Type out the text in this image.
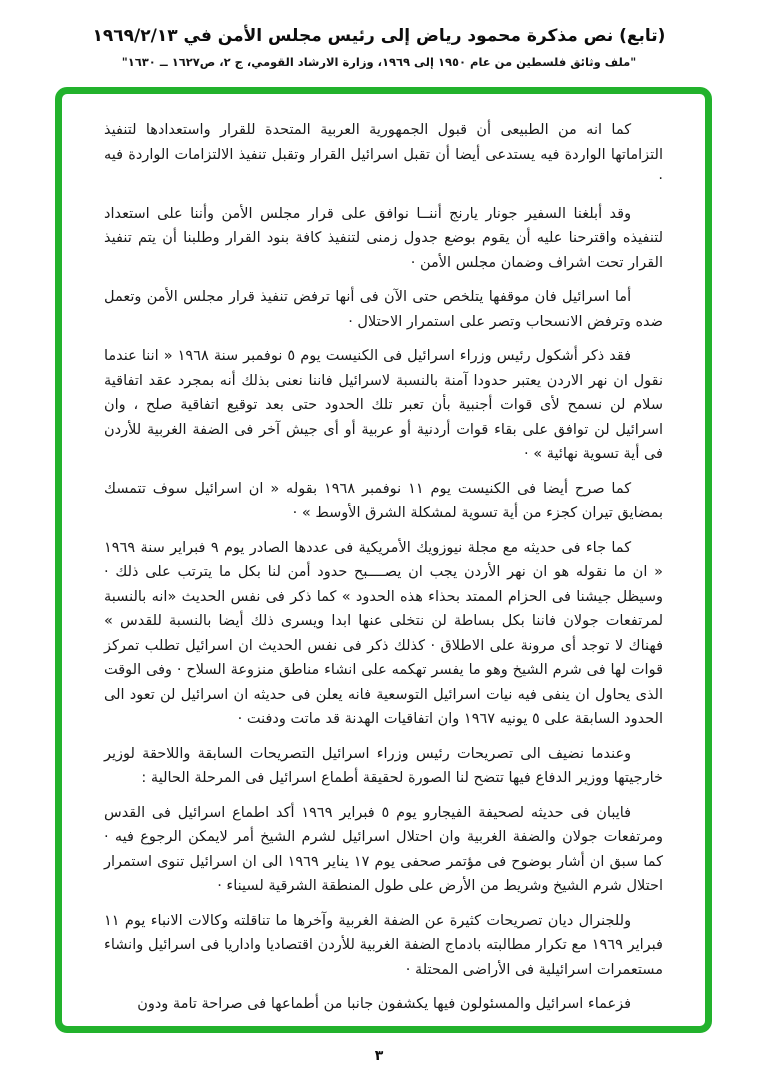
(تابع) نص مذكرة محمود رياض إلى رئيس مجلس الأمن في ١٩٦٩/٢/١٣
"ملف وثائق فلسطين من عام ١٩٥٠ إلى ١٩٦٩، وزارة الارشاد القومي، ج ٢، ص١٦٢٧ ــ ١٦٣٠"

كما انه من الطبيعى أن قبول الجمهورية العربية المتحدة للقرار واستعدادها لتنفيذ التزاماتها الواردة فيه يستدعى أيضا أن تقبل اسرائيل القرار وتقبل تنفيذ الالتزامات الواردة فيه ·

وقد أبلغنا السفير جونار يارنج أننــا نوافق على قرار مجلس الأمن وأننا على استعداد لتنفيذه واقترحنا عليه أن يقوم بوضع جدول زمنى لتنفيذ كافة بنود القرار وطلبنا أن يتم تنفيذ القرار تحت اشراف وضمان مجلس الأمن ·

أما اسرائيل فان موقفها يتلخص حتى الآن فى أنها ترفض تنفيذ قرار مجلس الأمن وتعمل ضده وترفض الانسحاب وتصر على استمرار الاحتلال ·

فقد ذكر أشكول رئيس وزراء اسرائيل فى الكنيست يوم ٥ نوفمبر سنة ١٩٦٨ « اننا عندما نقول ان نهر الاردن يعتبر حدودا آمنة بالنسبة لاسرائيل فاننا نعنى بذلك أنه بمجرد عقد اتفاقية سلام لن نسمح لأى قوات أجنبية بأن تعبر تلك الحدود حتى بعد توقيع اتفاقية صلح ، وان اسرائيل لن توافق على بقاء قوات أردنية أو عربية أو أى جيش آخر فى الضفة الغربية للأردن فى أية تسوية نهائية » ·

كما صرح أيضا فى الكنيست يوم ١١ نوفمبر ١٩٦٨ بقوله « ان اسرائيل سوف تتمسك بمضايق تيران كجزء من أية تسوية لمشكلة الشرق الأوسط » ·

كما جاء فى حديثه مع مجلة نيوزويك الأمريكية فى عددها الصادر يوم ٩ فبراير سنة ١٩٦٩ « ان ما نقوله هو ان نهر الأردن يجب ان يصــــبح حدود أمن لنا بكل ما يترتب على ذلك · وسيظل جيشنا فى الحزام الممتد بحذاء هذه الحدود » كما ذكر فى نفس الحديث «انه بالنسبة لمرتفعات جولان فاننا بكل بساطة لن نتخلى عنها ابدا ويسرى ذلك أيضا بالنسبة للقدس » فهناك لا توجد أى مرونة على الاطلاق · كذلك ذكر فى نفس الحديث ان اسرائيل تطلب تمركز قوات لها فى شرم الشيخ وهو ما يفسر تهكمه على انشاء مناطق منزوعة السلاح · وفى الوقت الذى يحاول ان ينفى فيه نيات اسرائيل التوسعية فانه يعلن فى حديثه ان اسرائيل لن تعود الى الحدود السابقة على ٥ يونيه ١٩٦٧ وان اتفاقيات الهدنة قد ماتت ودفنت ·

وعندما نضيف الى تصريحات رئيس وزراء اسرائيل التصريحات السابقة واللاحقة لوزير خارجيتها ووزير الدفاع فيها تتضح لنا الصورة لحقيقة أطماع اسرائيل فى المرحلة الحالية :

فايبان فى حديثه لصحيفة الفيجارو يوم ٥ فبراير ١٩٦٩ أكد اطماع اسرائيل فى القدس ومرتفعات جولان والضفة الغربية وان احتلال اسرائيل لشرم الشيخ أمر لايمكن الرجوع فيه · كما سبق ان أشار بوضوح فى مؤتمر صحفى يوم ١٧ يناير ١٩٦٩ الى ان اسرائيل تنوى استمرار احتلال شرم الشيخ وشريط من الأرض على طول المنطقة الشرقية لسيناء ·

وللجنرال ديان تصريحات كثيرة عن الضفة الغربية وآخرها ما تناقلته وكالات الانباء يوم ١١ فبراير ١٩٦٩ مع تكرار مطالبته بادماج الضفة الغربية للأردن اقتصاديا واداريا فى اسرائيل وانشاء مستعمرات اسرائيلية فى الأراضى المحتلة ·

فزعماء اسرائيل والمسئولون فيها يكشفون جانبا من أطماعها فى صراحة تامة ودون

٣
